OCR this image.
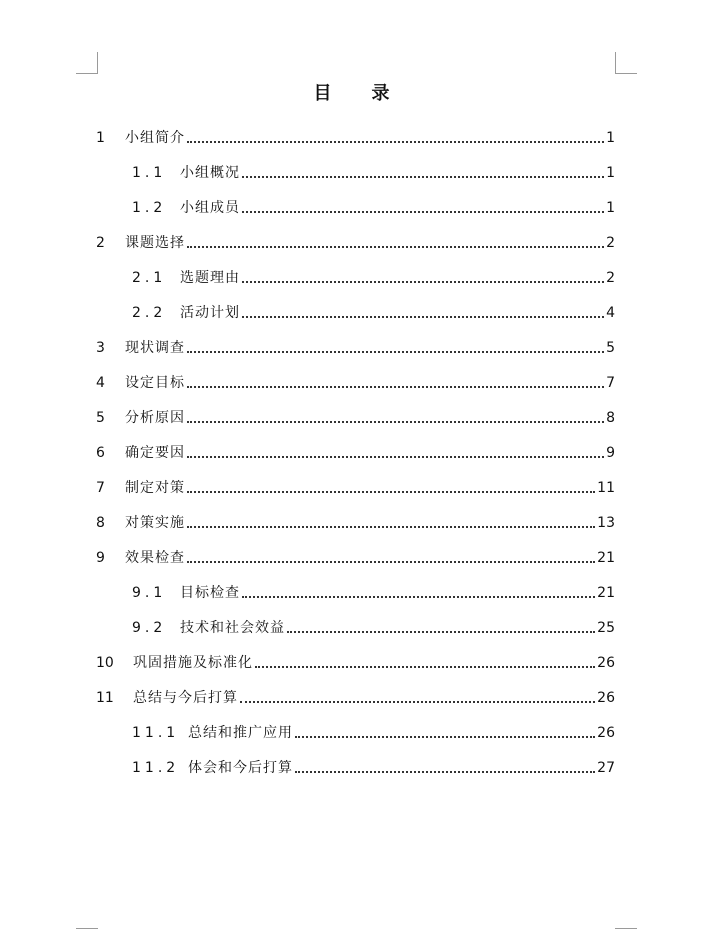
目 录
1 小组简介	1
1.1 小组概况	1
1.2 小组成员	1
2 课题选择	2
2.1 选题理由	2
2.2 活动计划	4
3 现状调查	5
4 设定目标	7
5 分析原因	8
6 确定要因	9
7 制定对策	11
8 对策实施	13
9 效果检查	21
9.1 目标检查	21
9.2 技术和社会效益	25
10 巩固措施及标准化	26
11 总结与今后打算	26
11.1 总结和推广应用	26
11.2 体会和今后打算	27
